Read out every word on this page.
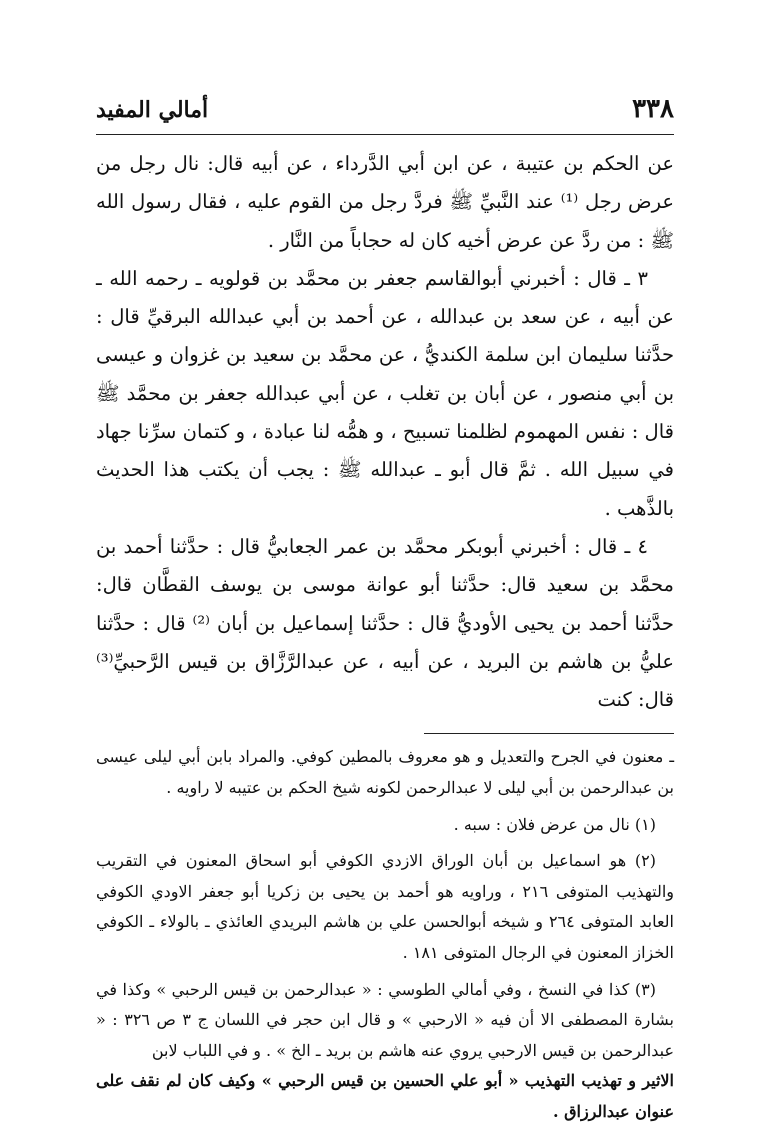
٣٣٨
أمالي المفيد

عن الحكم بن عتيبة ، عن ابن أبي الدَّرداء ، عن أبيه قال: نال رجل من عرض رجل ⁽¹⁾ عند النَّبيِّ ﷺ فردَّ رجل من القوم عليه ، فقال رسول الله ﷺ : من ردَّ عن عرض أخيه كان له حجاباً من النَّار .

٣ ـ قال : أخبرني أبوالقاسم جعفر بن محمَّد بن قولويه ـ رحمه الله ـ عن أبيه ، عن سعد بن عبدالله ، عن أحمد بن أبي عبدالله البرقيِّ قال : حدَّثنا سليمان ابن سلمة الكنديُّ ، عن محمَّد بن سعيد بن غزوان و عيسى بن أبي منصور ، عن أبان بن تغلب ، عن أبي عبدالله جعفر بن محمَّد ﷺ قال : نفس المهموم لظلمنا تسبيح ، و همُّه لنا عبادة ، و كتمان سرِّنا جهاد في سبيل الله . ثمَّ قال أبو ـ عبدالله ﷺ : يجب أن يكتب هذا الحديث بالذَّهب .

٤ ـ قال : أخبرني أبوبكر محمَّد بن عمر الجعابيُّ قال : حدَّثنا أحمد بن محمَّد بن سعيد قال: حدَّثنا أبو عوانة موسى بن يوسف القطَّان قال: حدَّثنا أحمد بن يحيى الأوديُّ قال : حدَّثنا إسماعيل بن أبان ⁽²⁾ قال : حدَّثنا عليُّ بن هاشم بن البريد ، عن أبيه ، عن عبدالرَّزَّاق بن قيس الرَّحبيِّ⁽³⁾ قال: كنت

ـ معنون في الجرح والتعديل و هو معروف بالمطين كوفي. والمراد بابن أبي ليلى عيسى بن عبدالرحمن بن أبي ليلى لا عبدالرحمن لكونه شيخ الحكم بن عتيبه لا راويه .

(١) نال من عرض فلان : سبه .

(٢) هو اسماعيل بن أبان الوراق الازدي الكوفي أبو اسحاق المعنون في التقريب والتهذيب المتوفى ٢١٦ ، وراويه هو أحمد بن يحيى بن زكريا أبو جعفر الاودي الكوفي العابد المتوفى ٢٦٤ و شيخه أبوالحسن علي بن هاشم البريدي العائذي ـ بالولاء ـ الكوفي الخزاز المعنون في الرجال المتوفى ١٨١ .

(٣) كذا في النسخ ، وفي أمالي الطوسي : « عبدالرحمن بن قيس الرحبي » وكذا في بشارة المصطفى الا أن فيه « الارحبي » و قال ابن حجر في اللسان ج ٣ ص ٣٢٦ : « عبدالرحمن بن قيس الارحبي يروي عنه هاشم بن بريد ـ الخ » . و في اللباب لابن

الاثير و تهذيب التهذيب « أبو علي الحسين بن قيس الرحبي » وكيف كان لم نقف على عنوان عبدالرزاق .
